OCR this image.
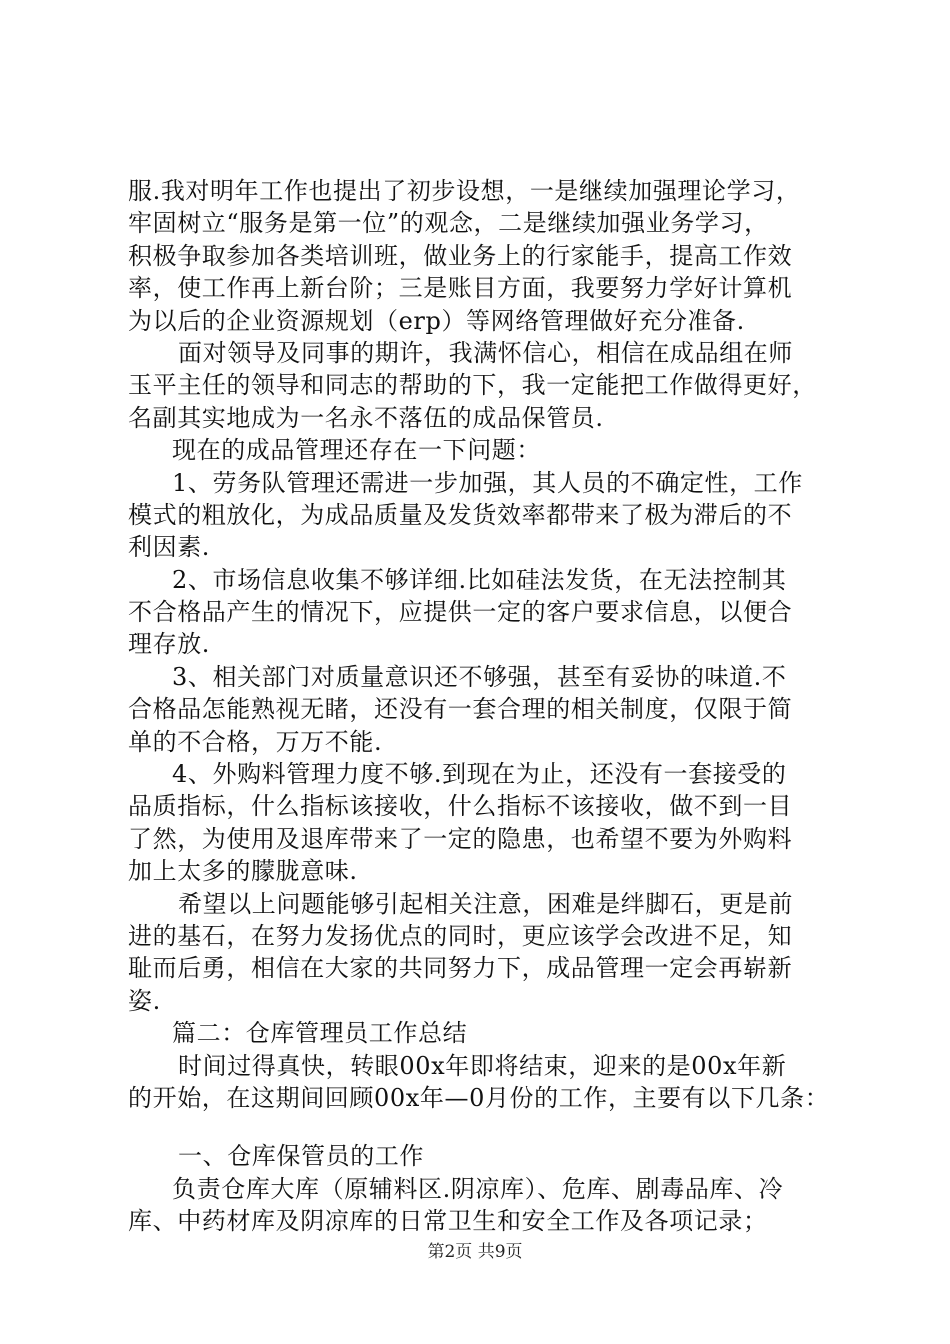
服.我对明年工作也提出了初步设想，一是继续加强理论学习，
牢固树立“服务是第一位”的观念，二是继续加强业务学习，
积极争取参加各类培训班，做业务上的行家能手，提高工作效
率，使工作再上新台阶；三是账目方面，我要努力学好计算机
为以后的企业资源规划（erp）等网络管理做好充分准备.
面对领导及同事的期许，我满怀信心，相信在成品组在师
玉平主任的领导和同志的帮助的下，我一定能把工作做得更好，
名副其实地成为一名永不落伍的成品保管员.
现在的成品管理还存在一下问题：
1、劳务队管理还需进一步加强，其人员的不确定性，工作
模式的粗放化，为成品质量及发货效率都带来了极为滞后的不
利因素.
2、市场信息收集不够详细.比如硅法发货，在无法控制其
不合格品产生的情况下，应提供一定的客户要求信息，以便合
理存放.
3、相关部门对质量意识还不够强，甚至有妥协的味道.不
合格品怎能熟视无睹，还没有一套合理的相关制度，仅限于简
单的不合格，万万不能.
4、外购料管理力度不够.到现在为止，还没有一套接受的
品质指标，什么指标该接收，什么指标不该接收，做不到一目
了然，为使用及退库带来了一定的隐患，也希望不要为外购料
加上太多的朦胧意味.
希望以上问题能够引起相关注意，困难是绊脚石，更是前
进的基石，在努力发扬优点的同时，更应该学会改进不足，知
耻而后勇，相信在大家的共同努力下，成品管理一定会再崭新
姿.
篇二：仓库管理员工作总结
时间过得真快，转眼00x年即将结束，迎来的是00x年新
的开始，在这期间回顾00x年—0月份的工作，主要有以下几条：
一、仓库保管员的工作
负责仓库大库（原辅料区.阴凉库）、危库、剧毒品库、冷
库、中药材库及阴凉库的日常卫生和安全工作及各项记录；
第2页 共9页
